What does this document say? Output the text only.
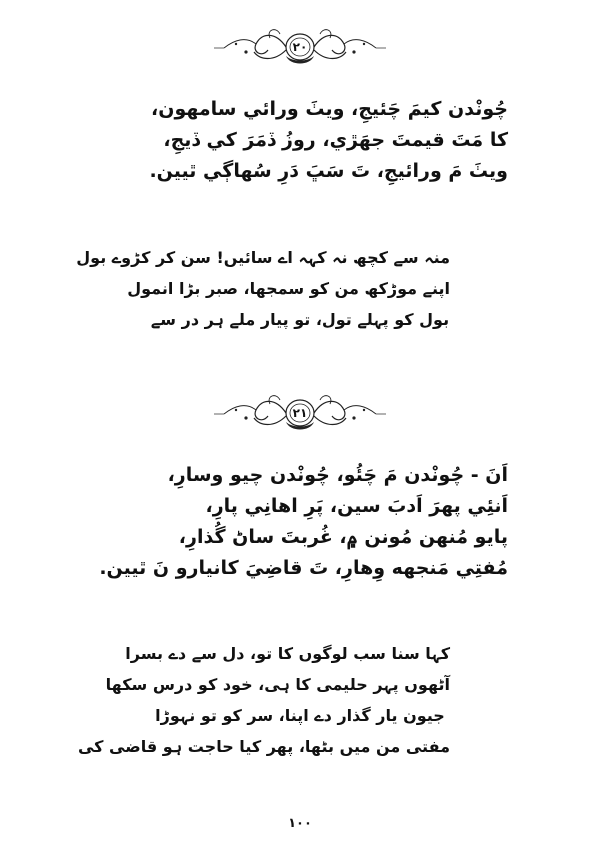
۲۰
چُونْدن كيمَ چَئيجِ، ويٺَ ورائي سامهون،
كا مَتَ قيمتَ جهَڙي، روزُ ڏمَرَ كي ڏيجِ،
ويٺَ مَ ورائيجِ، تَ سَڀَ دَرِ سُهاڳي ٿيين.
منہ سے کچھ نہ کہہ اے سائیں! سن کر کڑوے بول
اپنے موڑکھ من کو سمجھا، صبر بڑا انمول
بول کو پہلے تول، تو پیار ملے ہر در سے
۲۱
اَنَ - چُونْدن مَ چَئُو، چُونْدن چيو وسارِ،
اَنئِي پهرَ اَدبَ سين، پَرِ اهانِي پارِ،
پايو مُنهن مُونن ۾، غُربتَ ساڻ گُذارِ،
مُفتِي مَنجهه وِهارِ، تَ قاضِيَ كانيارو نَ ٿيين.
کہا سنا سب لوگوں کا تو، دل سے دے بسرا
آٹھوں پہر حلیمی کا ہی، خود کو درس سکھا
جیون یار گذار دے اپنا، سر کو تو نہوڑا
مفتی من میں بٹھا، پھر کیا حاجت ہو قاضی کی
۱۰۰
